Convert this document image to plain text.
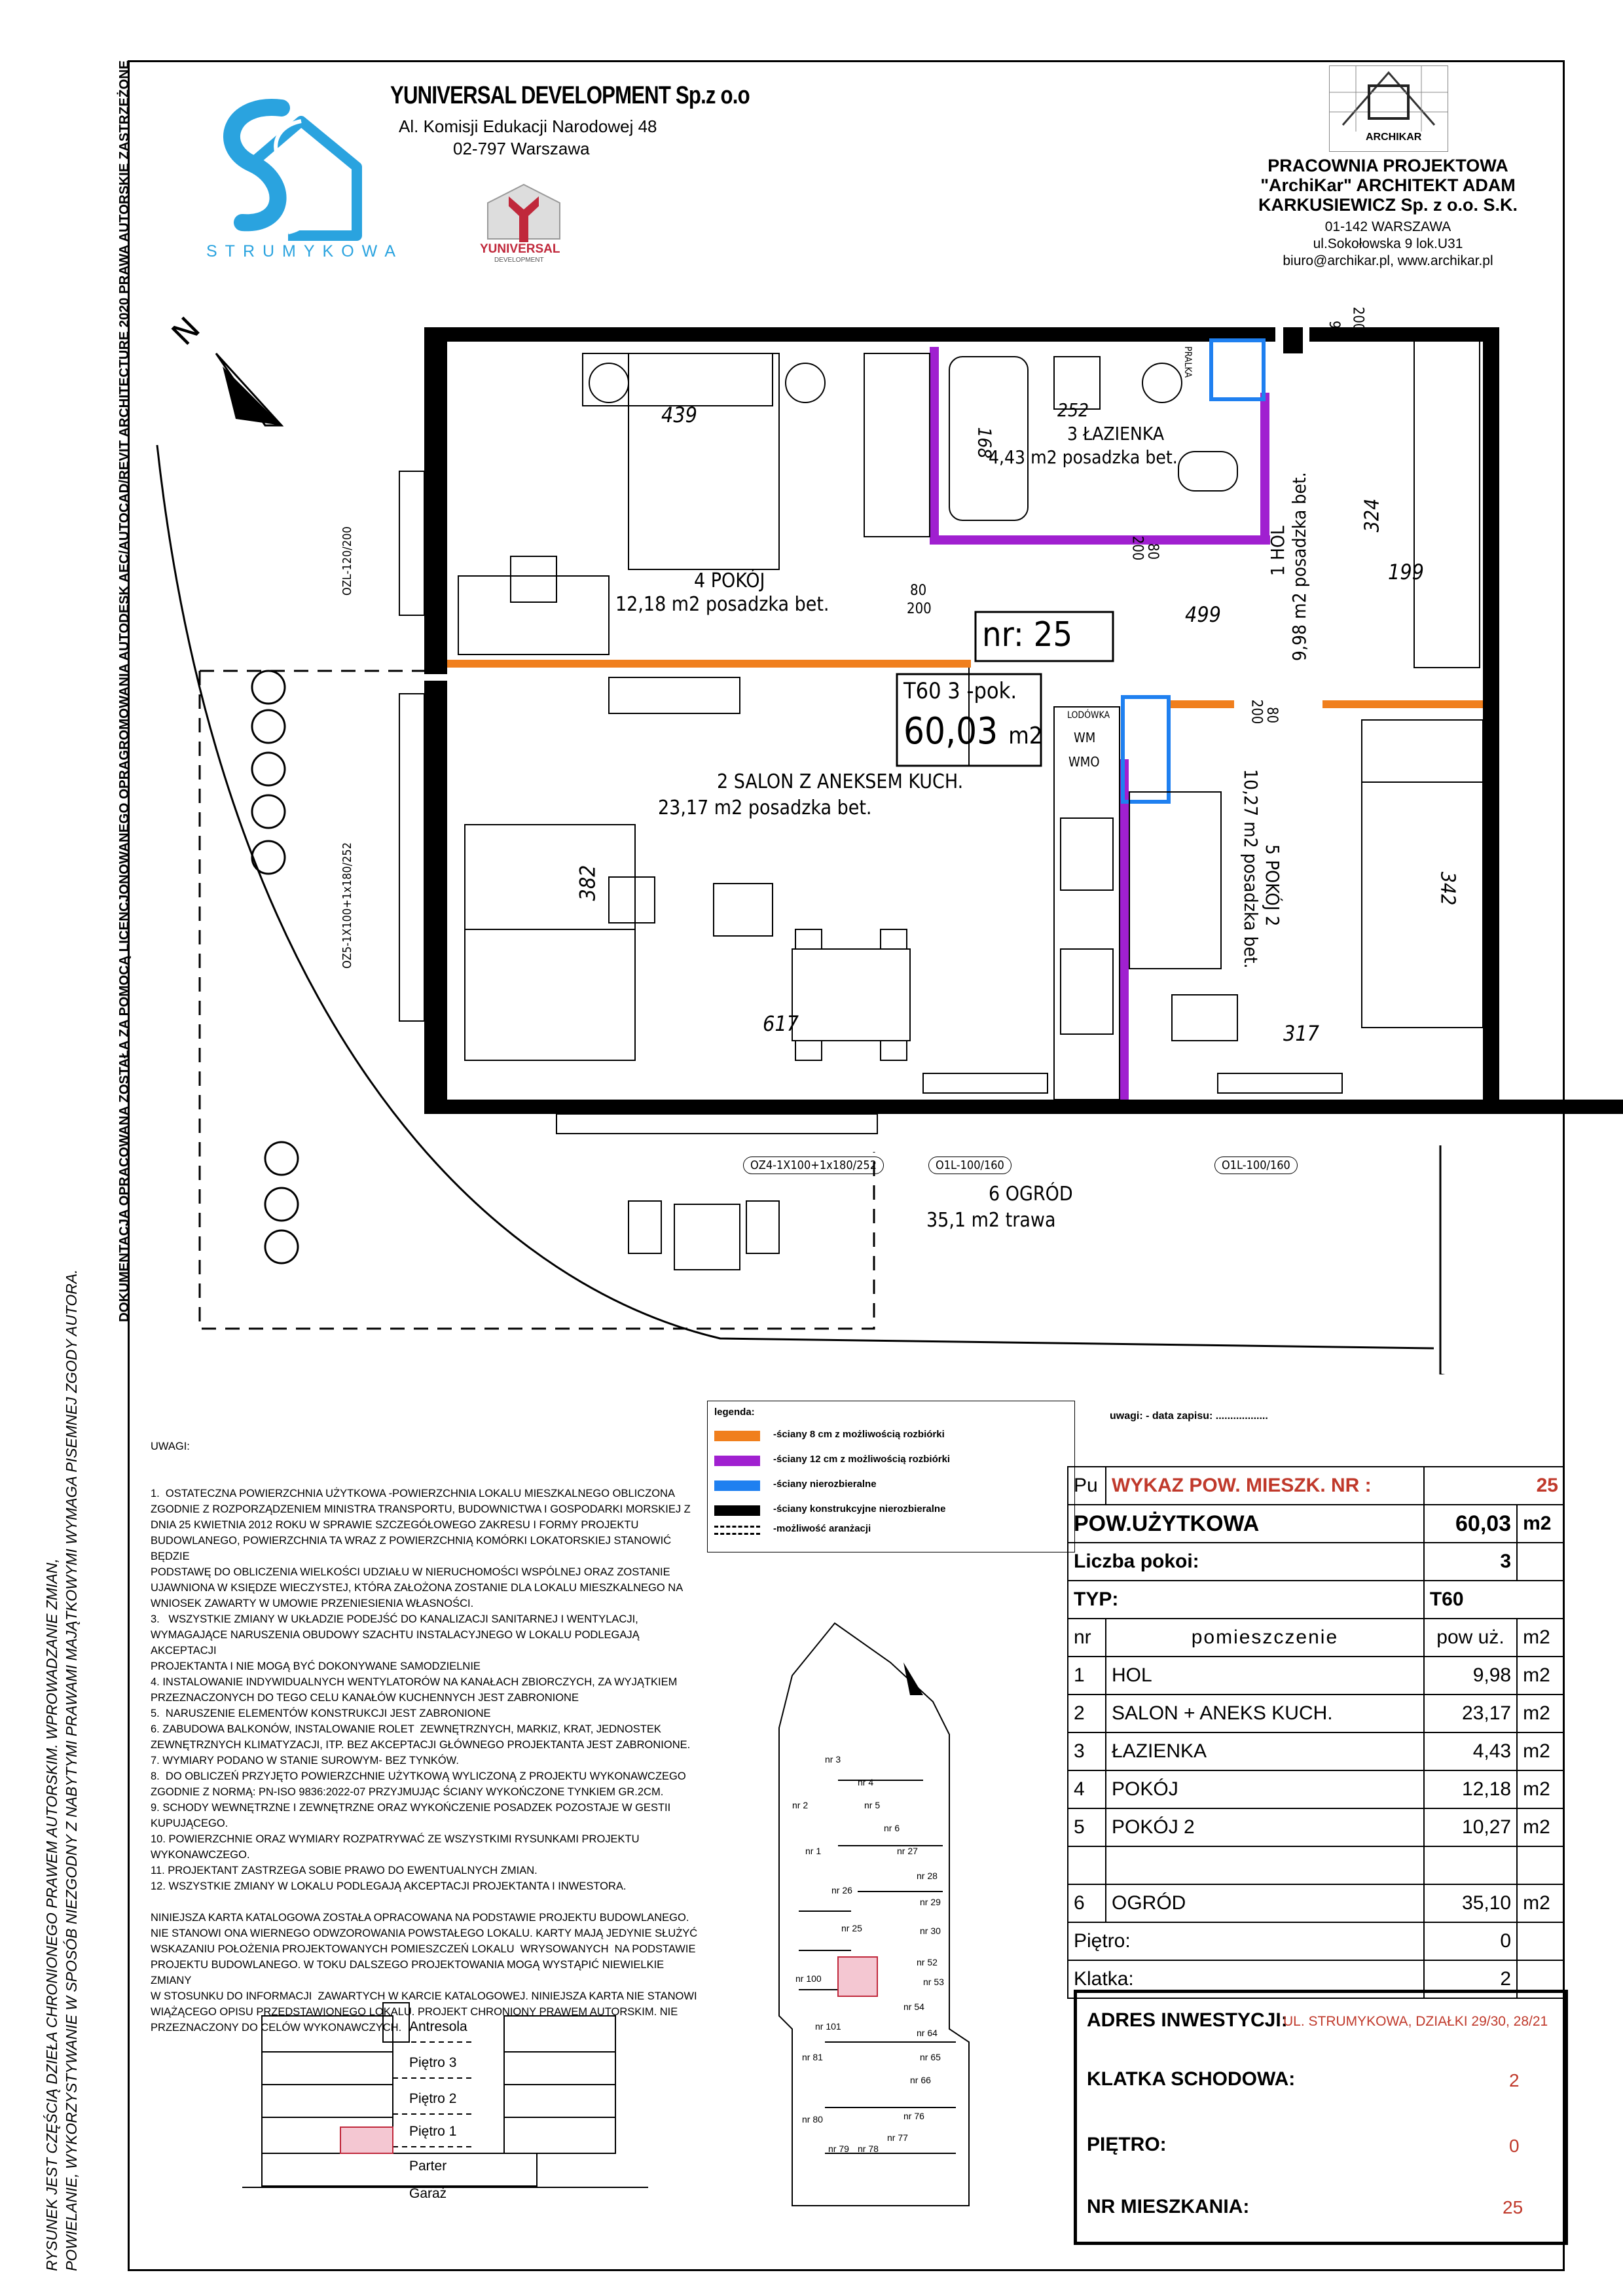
DOKUMENTACJA OPRACOWANA ZOSTAŁA ZA POMOCĄ LICENCJONOWANEGO OPRAGROMOWANIA AUTODESK AEC/AUTOCAD/REVIT ARCHITECTURE 2020 PRAWA AUTORSKIE ZASTRZEŻONE
RYSUNEK JEST CZĘŚCIĄ DZIEŁA CHRONIONEGO PRAWEM AUTORSKIM. WPROWADZANIE ZMIAN, POWIELANIE, WYKORZYSTYWANIE W SPOSÓB NIEZGODNY Z NABYTYMI PRAWAMI MAJĄTKOWYMI WYMAGA PISEMNEJ ZGODY AUTORA.
STRUMYKOWA
YUNIVERSAL DEVELOPMENT Sp.z o.o
Al. Komisji Edukacji Narodowej 48
02-797 Warszawa
YUNIVERSAL
DEVELOPMENT
ARCHIKAR
PRACOWNIA PROJEKTOWA
"ArchiKar" ARCHITEKT ADAM
KARKUSIEWICZ Sp. z o.o. S.K.
01-142 WARSZAWA
ul.Sokołowska 9 lok.U31
biuro@archikar.pl, www.archikar.pl
N
nr: 25
T60 3 -pok.
60,03 m2
4 POKÓJ
12,18 m2 posadzka bet.
3 ŁAZIENKA
4,43 m2 posadzka bet.
2 SALON Z ANEKSEM KUCH.
23,17 m2 posadzka bet.
1 HOL 9,98 m2 posadzka bet.
5 POKÓJ 2
10,27 m2 posadzka bet.
6 OGRÓD
35,1 m2 trawa
439
168
252
499
324
199
382
617	317
342
80
200
80
200
80
200
90 200
OZL-120/200
OZ5-1X100+1x180/252
OZ4-1X100+1x180/252	O1L-100/160	O1L-100/160
WM
WMO
LODÓWKA
PRALKA

UWAGI:

1.  OSTATECZNA POWIERZCHNIA UŻYTKOWA -POWIERZCHNIA LOKALU MIESZKALNEGO OBLICZONA
ZGODNIE Z ROZPORZĄDZENIEM MINISTRA TRANSPORTU, BUDOWNICTWA I GOSPODARKI MORSKIEJ Z
DNIA 25 KWIETNIA 2012 ROKU W SPRAWIE SZCZEGÓŁOWEGO ZAKRESU I FORMY PROJEKTU
BUDOWLANEGO, POWIERZCHNIA TA WRAZ Z POWIERZCHNIĄ KOMÓRKI LOKATORSKIEJ STANOWIĆ BĘDZIE
PODSTAWĘ DO OBLICZENIA WIELKOŚCI UDZIAŁU W NIERUCHOMOŚCI WSPÓLNEJ ORAZ ZOSTANIE
UJAWNIONA W KSIĘDZE WIECZYSTEJ, KTÓRA ZAŁOŻONA ZOSTANIE DLA LOKALU MIESZKALNEGO NA
WNIOSEK ZAWARTY W UMOWIE PRZENIESIENIA WŁASNOŚCI.
3.   WSZYSTKIE ZMIANY W UKŁADZIE PODEJŚĆ DO KANALIZACJI SANITARNEJ I WENTYLACJI,
WYMAGAJĄCE NARUSZENIA OBUDOWY SZACHTU INSTALACYJNEGO W LOKALU PODLEGAJĄ AKCEPTACJI
PROJEKTANTA I NIE MOGĄ BYĆ DOKONYWANE SAMODZIELNIE
4. INSTALOWANIE INDYWIDUALNYCH WENTYLATORÓW NA KANAŁACH ZBIORCZYCH, ZA WYJĄTKIEM
PRZEZNACZONYCH DO TEGO CELU KANAŁÓW KUCHENNYCH JEST ZABRONIONE
5.  NARUSZENIE ELEMENTÓW KONSTRUKCJI JEST ZABRONIONE
6. ZABUDOWA BALKONÓW, INSTALOWANIE ROLET  ZEWNĘTRZNYCH, MARKIZ, KRAT, JEDNOSTEK
ZEWNĘTRZNYCH KLIMATYZACJI, ITP. BEZ AKCEPTACJI GŁÓWNEGO PROJEKTANTA JEST ZABRONIONE.
7. WYMIARY PODANO W STANIE SUROWYM- BEZ TYNKÓW.
8.  DO OBLICZEŃ PRZYJĘTO POWIERZCHNIE UŻYTKOWĄ WYLICZONĄ Z PROJEKTU WYKONAWCZEGO
ZGODNIE Z NORMĄ: PN-ISO 9836:2022-07 PRZYJMUJĄC ŚCIANY WYKOŃCZONE TYNKIEM GR.2CM.
9. SCHODY WEWNĘTRZNE I ZEWNĘTRZNE ORAZ WYKOŃCZENIE POSADZEK POZOSTAJE W GESTII
KUPUJĄCEGO.
10. POWIERZCHNIE ORAZ WYMIARY ROZPATRYWAĆ ZE WSZYSTKIMI RYSUNKAMI PROJEKTU
WYKONAWCZEGO.
11. PROJEKTANT ZASTRZEGA SOBIE PRAWO DO EWENTUALNYCH ZMIAN.
12. WSZYSTKIE ZMIANY W LOKALU PODLEGAJĄ AKCEPTACJI PROJEKTANTA I INWESTORA.

NINIEJSZA KARTA KATALOGOWA ZOSTAŁA OPRACOWANA NA PODSTAWIE PROJEKTU BUDOWLANEGO.
NIE STANOWI ONA WIERNEGO ODWZOROWANIA POWSTAŁEGO LOKALU. KARTY MAJĄ JEDYNIE SŁUŻYĆ
WSKAZANIU POŁOŻENIA PROJEKTOWANYCH POMIESZCZEŃ LOKALU  WRYSOWANYCH  NA PODSTAWIE
PROJEKTU BUDOWLANEGO. W TOKU DALSZEGO PROJEKTOWANIA MOGĄ WYSTĄPIĆ NIEWIELKIE ZMIANY
W STOSUNKU DO INFORMACJI  ZAWARTYCH W KARCIE KATALOGOWEJ. NINIEJSZA KARTA NIE STANOWI
WIĄŻĄCEGO OPISU PRZEDSTAWIONEGO LOKALU. PROJEKT CHRONIONY PRAWEM AUTORSKIM. NIE
PRZEZNACZONY DO CELÓW WYKONAWCZYCH.

legenda:
-ściany 8 cm z możliwością rozbiórki
-ściany 12 cm z możliwością rozbiórki
-ściany nierozbieralne
-ściany konstrukcyjne nierozbieralne
-możliwość aranżacji
uwagi: - data zapisu: ..................
Pu	WYKAZ POW. MIESZK. NR :	25	
POW.UŻYTKOWA		60,03	m2
Liczba pokoi:		3	
TYP:		T60	
nr	pomieszczenie	pow uż.	m2
1	HOL	9,98	m2
2	SALON + ANEKS KUCH.	23,17	m2
3	ŁAZIENKA	4,43	m2
4	POKÓJ	12,18	m2
5	POKÓJ 2	10,27	m2

6	OGRÓD	35,10	m2
Piętro:		0	
Klatka:		2	
ADRES INWESTYCJI:
UL. STRUMYKOWA, DZIAŁKI 29/30, 28/21
KLATKA SCHODOWA:	2
PIĘTRO:	0
NR MIESZKANIA:	25
Antresola
Piętro 3
Piętro 2
Piętro 1
Parter
Garaż
nr 3
nr 4
nr 2	nr 5
nr 6
nr 1	nr 27
nr 28
nr 26
nr 29
nr 25	nr 30
nr 52
nr 100	nr 53
nr 54
nr 101
nr 64
nr 81	nr 65
nr 66
nr 80	nr 76
nr 77
nr 79 nr 78
